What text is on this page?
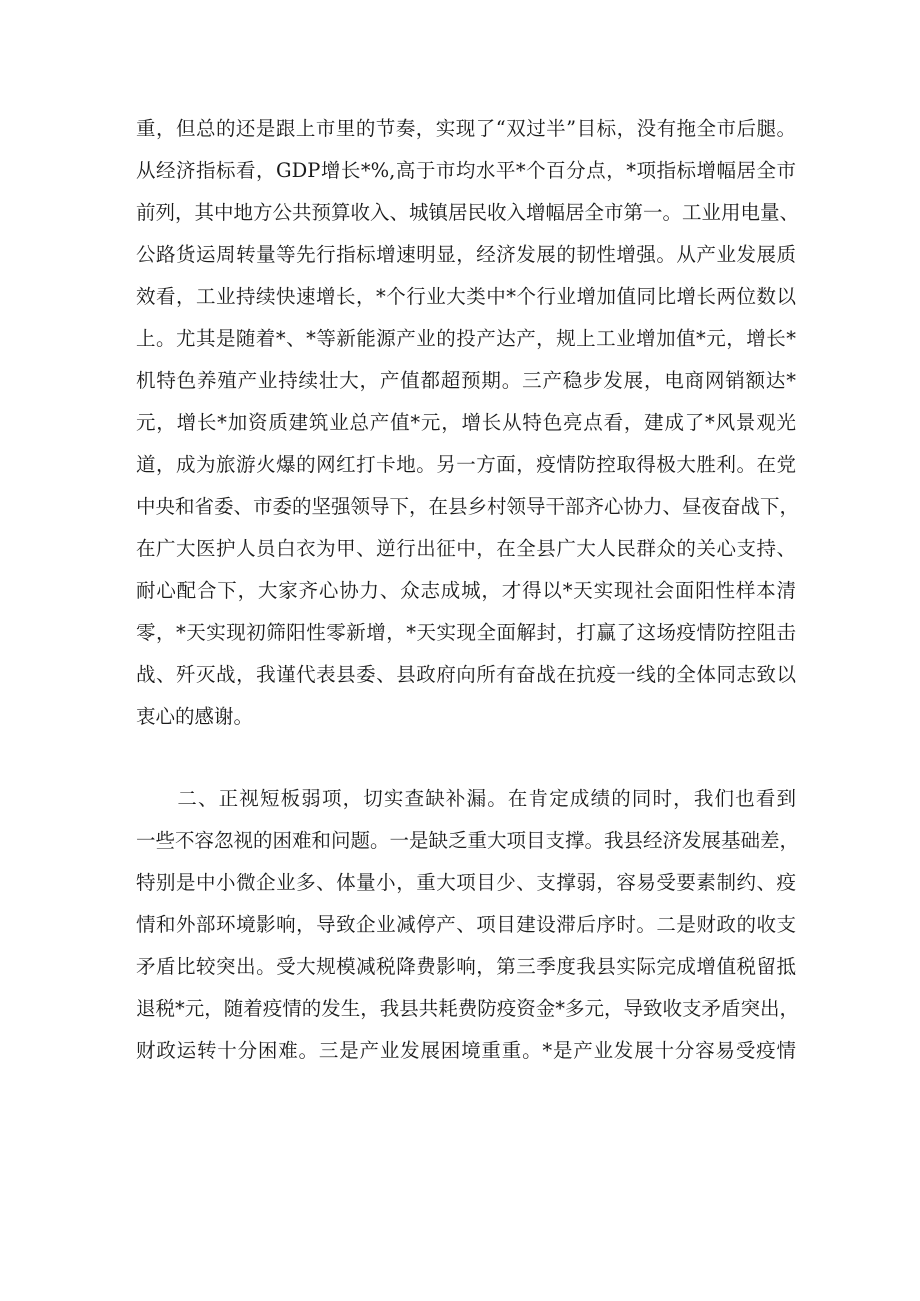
重，但总的还是跟上市里的节奏，实现了“双过半”目标，没有拖全市后腿。
从经济指标看，GDP增长*%,高于市均水平*个百分点，*项指标增幅居全市
前列，其中地方公共预算收入、城镇居民收入增幅居全市第一。工业用电量、
公路货运周转量等先行指标增速明显，经济发展的韧性增强。从产业发展质
效看，工业持续快速增长，*个行业大类中*个行业增加值同比增长两位数以
上。尤其是随着*、*等新能源产业的投产达产，规上工业增加值*元，增长*
机特色养殖产业持续壮大，产值都超预期。三产稳步发展，电商网销额达*
元，增长*加资质建筑业总产值*元，增长从特色亮点看，建成了*风景观光
道，成为旅游火爆的网红打卡地。另一方面，疫情防控取得极大胜利。在党
中央和省委、市委的坚强领导下，在县乡村领导干部齐心协力、昼夜奋战下，
在广大医护人员白衣为甲、逆行出征中，在全县广大人民群众的关心支持、
耐心配合下，大家齐心协力、众志成城，才得以*天实现社会面阳性样本清
零，*天实现初筛阳性零新增，*天实现全面解封，打赢了这场疫情防控阻击
战、歼灭战，我谨代表县委、县政府向所有奋战在抗疫一线的全体同志致以
衷心的感谢。
　　二、正视短板弱项，切实查缺补漏。在肯定成绩的同时，我们也看到
一些不容忽视的困难和问题。一是缺乏重大项目支撑。我县经济发展基础差，
特别是中小微企业多、体量小，重大项目少、支撑弱，容易受要素制约、疫
情和外部环境影响，导致企业减停产、项目建设滞后序时。二是财政的收支
矛盾比较突出。受大规模减税降费影响，第三季度我县实际完成增值税留抵
退税*元，随着疫情的发生，我县共耗费防疫资金*多元，导致收支矛盾突出，
财政运转十分困难。三是产业发展困境重重。*是产业发展十分容易受疫情
